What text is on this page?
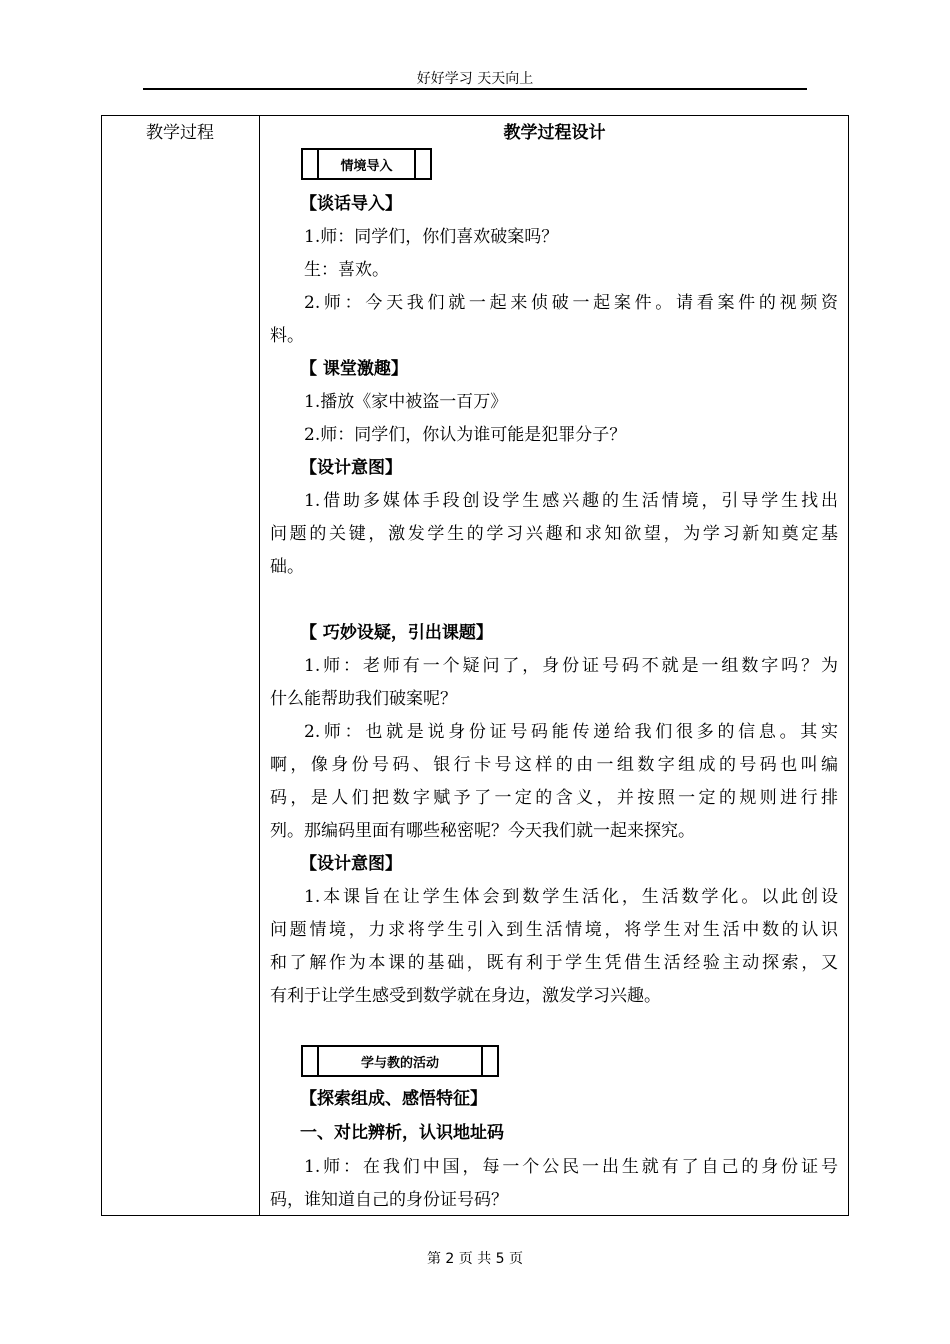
好好学习 天天向上
教学过程	教学过程设计
情境导入
【谈话导入】
1.师：同学们，你们喜欢破案吗？
生：喜欢。
2.师：今天我们就一起来侦破一起案件。请看案件的视频资
料。
【 课堂激趣】
1.播放《家中被盗一百万》
2.师：同学们，你认为谁可能是犯罪分子？
【设计意图】
1.借助多媒体手段创设学生感兴趣的生活情境，引导学生找出
问题的关键，激发学生的学习兴趣和求知欲望，为学习新知奠定基
础。
【 巧妙设疑，引出课题】
1.师：老师有一个疑问了，身份证号码不就是一组数字吗？为
什么能帮助我们破案呢？
2.师：也就是说身份证号码能传递给我们很多的信息。其实
啊，像身份号码、银行卡号这样的由一组数字组成的号码也叫编
码，是人们把数字赋予了一定的含义，并按照一定的规则进行排
列。那编码里面有哪些秘密呢？今天我们就一起来探究。
【设计意图】
1.本课旨在让学生体会到数学生活化，生活数学化。以此创设
问题情境，力求将学生引入到生活情境，将学生对生活中数的认识
和了解作为本课的基础，既有利于学生凭借生活经验主动探索，又
有利于让学生感受到数学就在身边，激发学习兴趣。
学与教的活动
【探索组成、感悟特征】
一、对比辨析，认识地址码
1.师：在我们中国，每一个公民一出生就有了自己的身份证号
码，谁知道自己的身份证号码？
第 2 页 共 5 页
